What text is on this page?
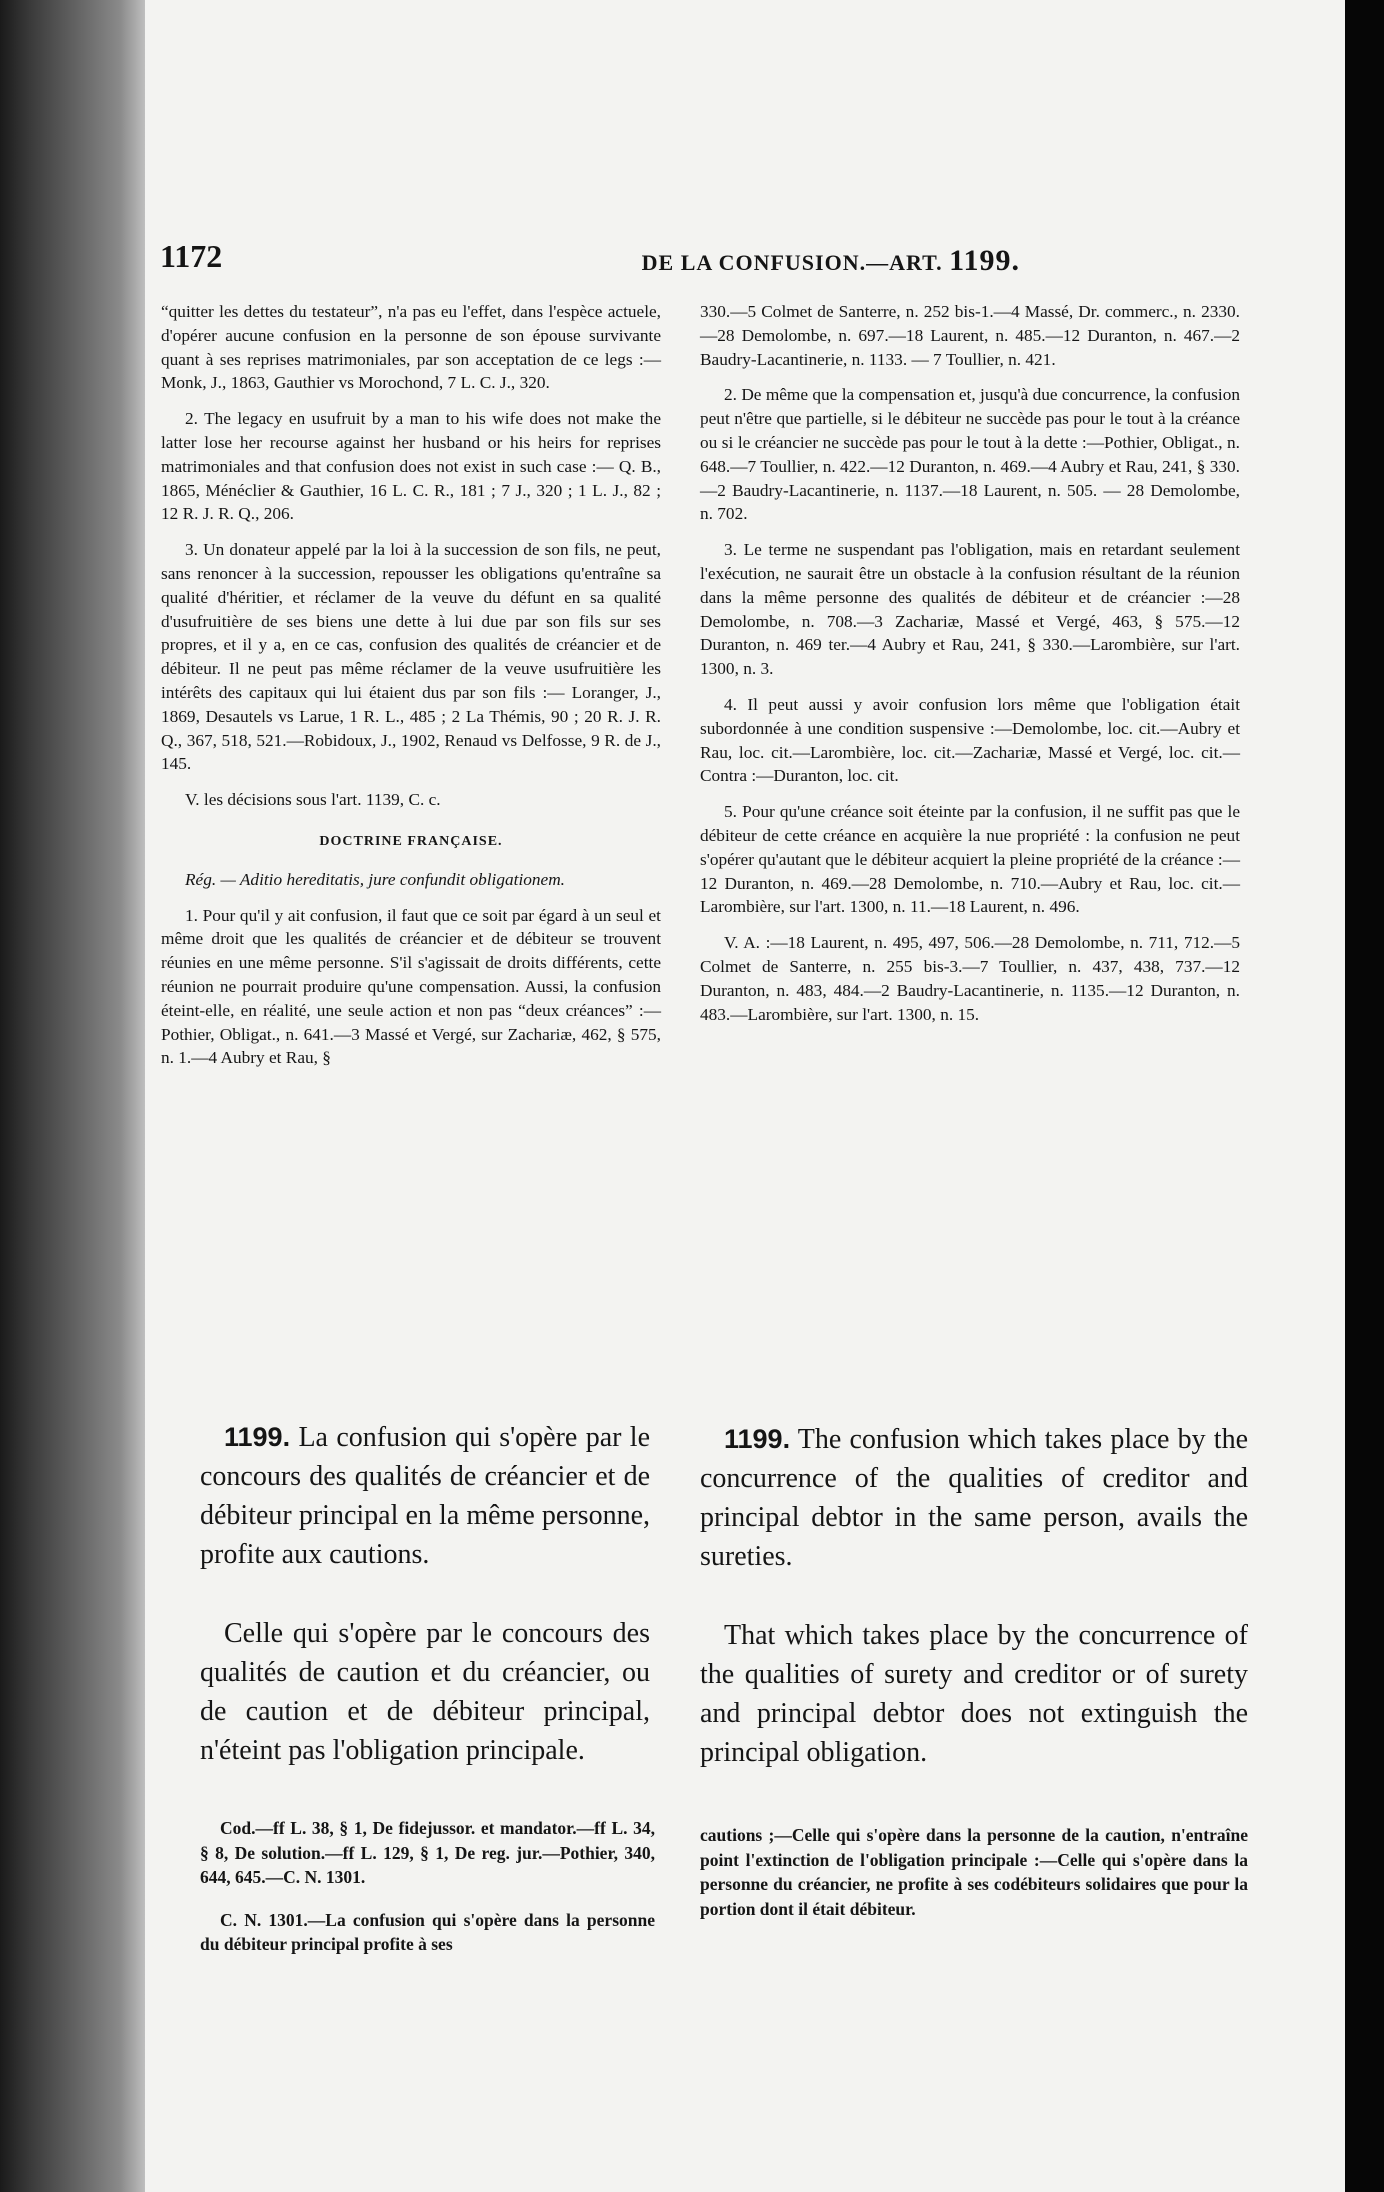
1172	DE LA CONFUSION.—ART. 1199.

“quitter les dettes du testateur”, n'a pas eu l'effet, dans l'espèce actuele, d'opérer aucune confusion en la personne de son épouse survivante quant à ses reprises matrimoniales, par son acceptation de ce legs :—Monk, J., 1863, Gauthier vs Morochond, 7 L. C. J., 320.

2. The legacy en usufruit by a man to his wife does not make the latter lose her recourse against her husband or his heirs for reprises matrimoniales and that confusion does not exist in such case :— Q. B., 1865, Ménéclier & Gauthier, 16 L. C. R., 181 ; 7 J., 320 ; 1 L. J., 82 ; 12 R. J. R. Q., 206.

3. Un donateur appelé par la loi à la succession de son fils, ne peut, sans renoncer à la succession, repousser les obligations qu'entraîne sa qualité d'héritier, et réclamer de la veuve du défunt en sa qualité d'usufruitière de ses biens une dette à lui due par son fils sur ses propres, et il y a, en ce cas, confusion des qualités de créancier et de débiteur. Il ne peut pas même réclamer de la veuve usufruitière les intérêts des capitaux qui lui étaient dus par son fils :— Loranger, J., 1869, Desautels vs Larue, 1 R. L., 485 ; 2 La Thémis, 90 ; 20 R. J. R. Q., 367, 518, 521.—Robidoux, J., 1902, Renaud vs Delfosse, 9 R. de J., 145.

V. les décisions sous l'art. 1139, C. c.

DOCTRINE FRANÇAISE.

Rég. — Aditio hereditatis, jure confundit obligationem.

1. Pour qu'il y ait confusion, il faut que ce soit par égard à un seul et même droit que les qualités de créancier et de débiteur se trouvent réunies en une même personne. S'il s'agissait de droits différents, cette réunion ne pourrait produire qu'une compensation. Aussi, la confusion éteint-elle, en réalité, une seule action et non pas “deux créances” :—Pothier, Obligat., n. 641.—3 Massé et Vergé, sur Zachariæ, 462, § 575, n. 1.—4 Aubry et Rau, §

330.—5 Colmet de Santerre, n. 252 bis-1.—4 Massé, Dr. commerc., n. 2330.—28 Demolombe, n. 697.—18 Laurent, n. 485.—12 Duranton, n. 467.—2 Baudry-Lacantinerie, n. 1133. — 7 Toullier, n. 421.

2. De même que la compensation et, jusqu'à due concurrence, la confusion peut n'être que partielle, si le débiteur ne succède pas pour le tout à la créance ou si le créancier ne succède pas pour le tout à la dette :—Pothier, Obligat., n. 648.—7 Toullier, n. 422.—12 Duranton, n. 469.—4 Aubry et Rau, 241, § 330.—2 Baudry-Lacantinerie, n. 1137.—18 Laurent, n. 505. — 28 Demolombe, n. 702.

3. Le terme ne suspendant pas l'obligation, mais en retardant seulement l'exécution, ne saurait être un obstacle à la confusion résultant de la réunion dans la même personne des qualités de débiteur et de créancier :—28 Demolombe, n. 708.—3 Zachariæ, Massé et Vergé, 463, § 575.—12 Duranton, n. 469 ter.—4 Aubry et Rau, 241, § 330.—Larombière, sur l'art. 1300, n. 3.

4. Il peut aussi y avoir confusion lors même que l'obligation était subordonnée à une condition suspensive :—Demolombe, loc. cit.—Aubry et Rau, loc. cit.—Larombière, loc. cit.—Zachariæ, Massé et Vergé, loc. cit.—Contra :—Duranton, loc. cit.

5. Pour qu'une créance soit éteinte par la confusion, il ne suffit pas que le débiteur de cette créance en acquière la nue propriété : la confusion ne peut s'opérer qu'autant que le débiteur acquiert la pleine propriété de la créance :—12 Duranton, n. 469.—28 Demolombe, n. 710.—Aubry et Rau, loc. cit.—Larombière, sur l'art. 1300, n. 11.—18 Laurent, n. 496.

V. A. :—18 Laurent, n. 495, 497, 506.—28 Demolombe, n. 711, 712.—5 Colmet de Santerre, n. 255 bis-3.—7 Toullier, n. 437, 438, 737.—12 Duranton, n. 483, 484.—2 Baudry-Lacantinerie, n. 1135.—12 Duranton, n. 483.—Larombière, sur l'art. 1300, n. 15.

1199. La confusion qui s'opère par le concours des qualités de créancier et de débiteur principal en la même personne, profite aux cautions.

Celle qui s'opère par le concours des qualités de caution et du créancier, ou de caution et de débiteur principal, n'éteint pas l'obligation principale.

1199. The confusion which takes place by the concurrence of the qualities of creditor and principal debtor in the same person, avails the sureties.

That which takes place by the concurrence of the qualities of surety and creditor or of surety and principal debtor does not extinguish the principal obligation.

Cod.—ff L. 38, § 1, De fidejussor. et mandator.—ff L. 34, § 8, De solution.—ff L. 129, § 1, De reg. jur.—Pothier, 340, 644, 645.—C. N. 1301.

C. N. 1301.—La confusion qui s'opère dans la personne du débiteur principal profite à ses

cautions ;—Celle qui s'opère dans la personne de la caution, n'entraîne point l'extinction de l'obligation principale :—Celle qui s'opère dans la personne du créancier, ne profite à ses codébiteurs solidaires que pour la portion dont il était débiteur.
